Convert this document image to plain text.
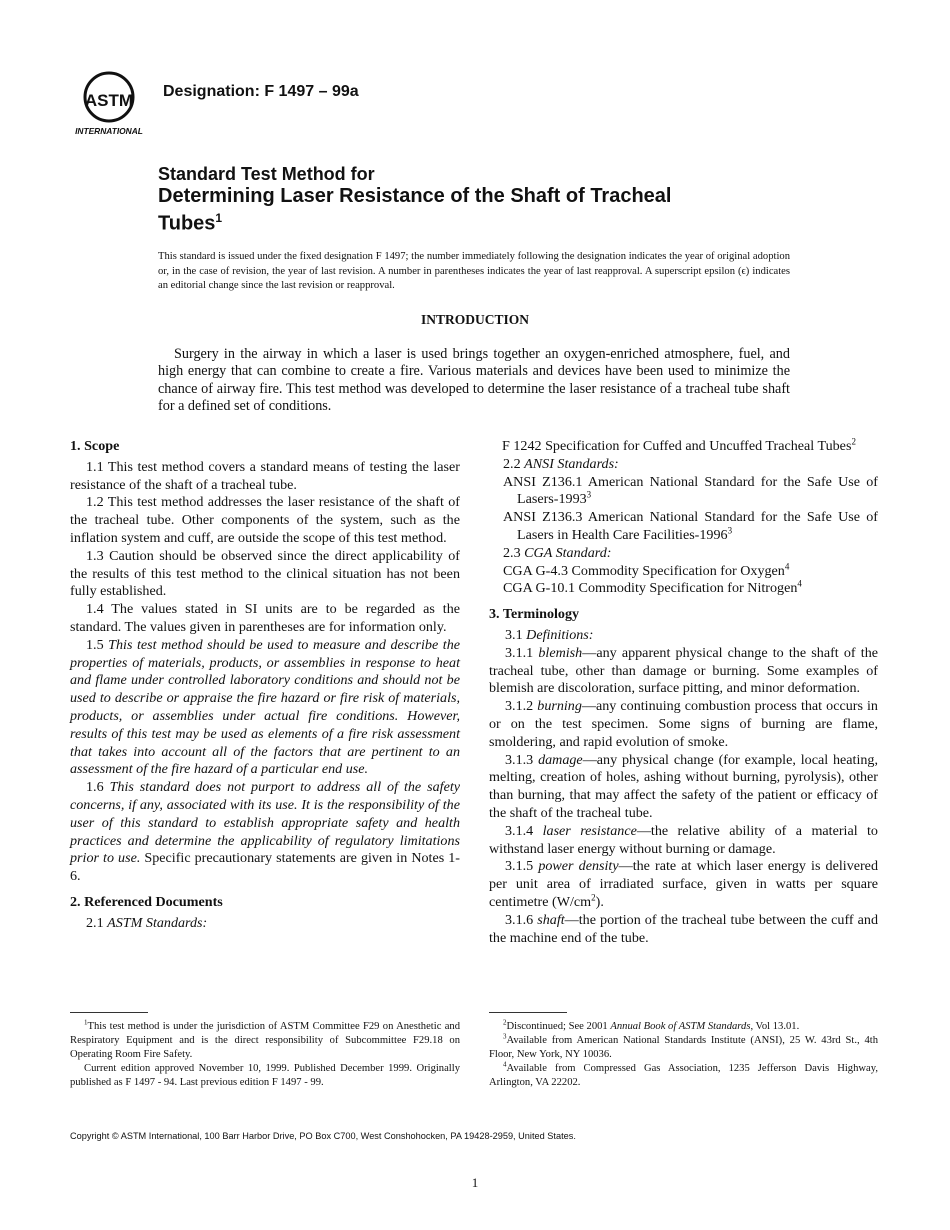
ASTM
INTERNATIONAL
Designation: F 1497 – 99a
Standard Test Method for
Determining Laser Resistance of the Shaft of Tracheal
Tubes$^1$
This standard is issued under the fixed designation F 1497; the number immediately following the designation indicates the year of original adoption or, in the case of revision, the year of last revision. A number in parentheses indicates the year of last reapproval. A superscript epsilon (ϵ) indicates an editorial change since the last revision or reapproval.
INTRODUCTION
Surgery in the airway in which a laser is used brings together an oxygen-enriched atmosphere, fuel, and high energy that can combine to create a fire. Various materials and devices have been used to minimize the chance of airway fire. This test method was developed to determine the laser resistance of a tracheal tube shaft for a defined set of conditions.
1. Scope

1.1 This test method covers a standard means of testing the laser resistance of the shaft of a tracheal tube.

1.2 This test method addresses the laser resistance of the shaft of the tracheal tube. Other components of the system, such as the inflation system and cuff, are outside the scope of this test method.

1.3 Caution should be observed since the direct applicability of the results of this test method to the clinical situation has not been fully established.

1.4 The values stated in SI units are to be regarded as the standard. The values given in parentheses are for information only.

1.5 This test method should be used to measure and describe the properties of materials, products, or assemblies in response to heat and flame under controlled laboratory conditions and should not be used to describe or appraise the fire hazard or fire risk of materials, products, or assemblies under actual fire conditions. However, results of this test may be used as elements of a fire risk assessment that takes into account all of the factors that are pertinent to an assessment of the fire hazard of a particular end use.

1.6 This standard does not purport to address all of the safety concerns, if any, associated with its use. It is the responsibility of the user of this standard to establish appropriate safety and health practices and determine the applicability of regulatory limitations prior to use. Specific precautionary statements are given in Notes 1-6.

2. Referenced Documents

2.1 ASTM Standards:

F 1242 Specification for Cuffed and Uncuffed Tracheal Tubes$^2$

2.2 ANSI Standards:

ANSI Z136.1 American National Standard for the Safe Use of Lasers-1993$^3$

ANSI Z136.3 American National Standard for the Safe Use of Lasers in Health Care Facilities-1996$^3$

2.3 CGA Standard:

CGA G-4.3 Commodity Specification for Oxygen$^4$

CGA G-10.1 Commodity Specification for Nitrogen$^4$

3. Terminology

3.1 Definitions:

3.1.1 blemish—any apparent physical change to the shaft of the tracheal tube, other than damage or burning. Some examples of blemish are discoloration, surface pitting, and minor deformation.

3.1.2 burning—any continuing combustion process that occurs in or on the test specimen. Some signs of burning are flame, smoldering, and rapid evolution of smoke.

3.1.3 damage—any physical change (for example, local heating, melting, creation of holes, ashing without burning, pyrolysis), other than burning, that may affect the safety of the patient or efficacy of the shaft of the tracheal tube.

3.1.4 laser resistance—the relative ability of a material to withstand laser energy without burning or damage.

3.1.5 power density—the rate at which laser energy is delivered per unit area of irradiated surface, given in watts per square centimetre $(W/cm^2)$.

3.1.6 shaft—the portion of the tracheal tube between the cuff and the machine end of the tube.

$^1$This test method is under the jurisdiction of ASTM Committee F29 on Anesthetic and Respiratory Equipment and is the direct responsibility of Subcommittee F29.18 on Operating Room Fire Safety.

Current edition approved November 10, 1999. Published December 1999. Originally published as F 1497 - 94. Last previous edition F 1497 - 99.

$^2$Discontinued; See 2001 Annual Book of ASTM Standards, Vol 13.01.

$^3$Available from American National Standards Institute (ANSI), 25 W. 43rd St., 4th Floor, New York, NY 10036.

$^4$Available from Compressed Gas Association, 1235 Jefferson Davis Highway, Arlington, VA 22202.

Copyright © ASTM International, 100 Barr Harbor Drive, PO Box C700, West Conshohocken, PA 19428-2959, United States.
1
